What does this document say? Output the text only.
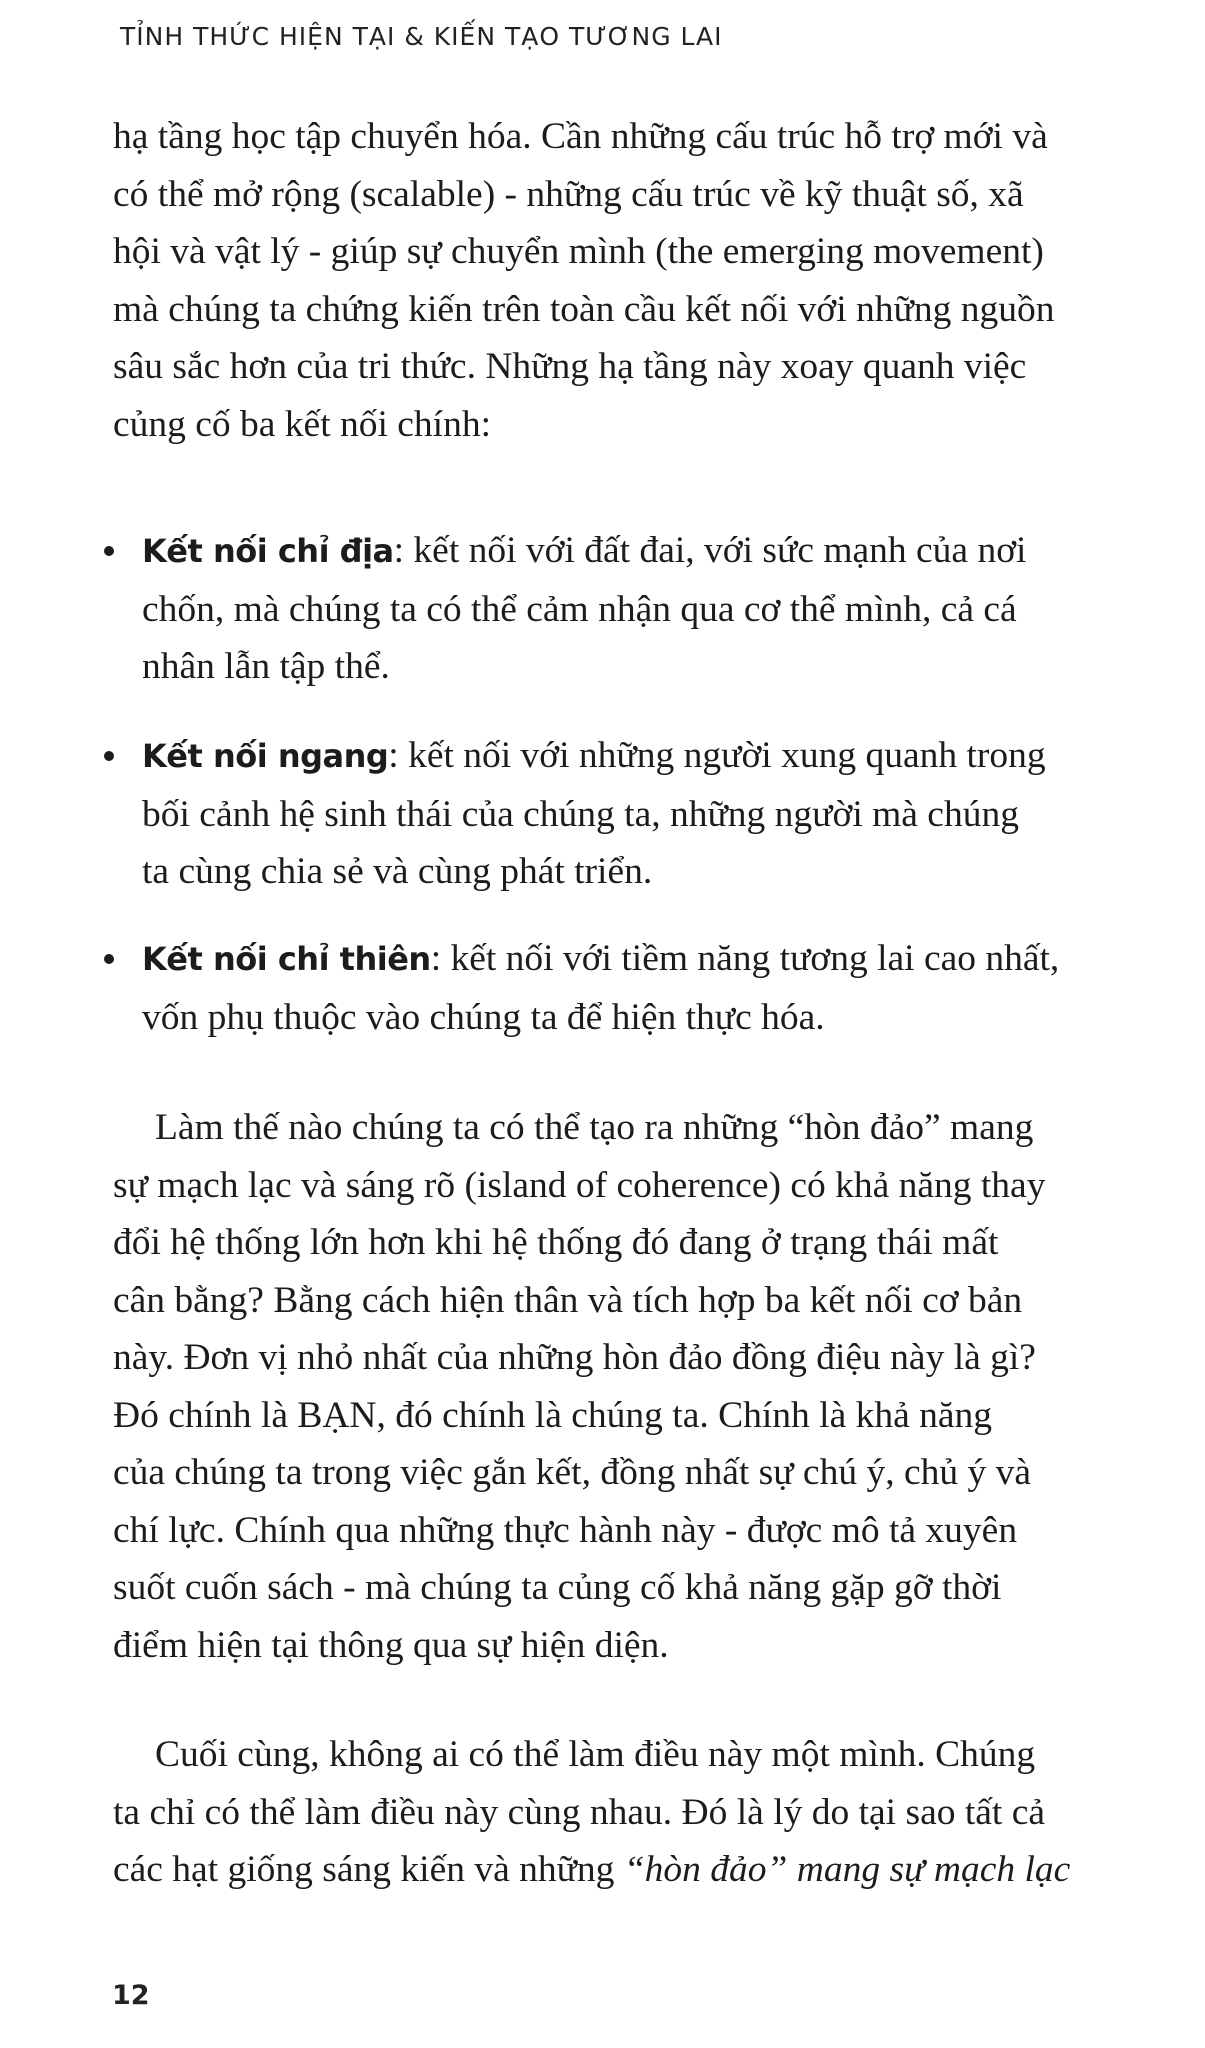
TỈNH THỨC HIỆN TẠI & KIẾN TẠO TƯƠNG LAI
hạ tầng học tập chuyển hóa. Cần những cấu trúc hỗ trợ mới và
có thể mở rộng (scalable) - những cấu trúc về kỹ thuật số, xã
hội và vật lý - giúp sự chuyển mình (the emerging movement)
mà chúng ta chứng kiến trên toàn cầu kết nối với những nguồn
sâu sắc hơn của tri thức. Những hạ tầng này xoay quanh việc
củng cố ba kết nối chính:
Kết nối chỉ địa: kết nối với đất đai, với sức mạnh của nơi
chốn, mà chúng ta có thể cảm nhận qua cơ thể mình, cả cá
nhân lẫn tập thể.
Kết nối ngang: kết nối với những người xung quanh trong
bối cảnh hệ sinh thái của chúng ta, những người mà chúng
ta cùng chia sẻ và cùng phát triển.
Kết nối chỉ thiên: kết nối với tiềm năng tương lai cao nhất,
vốn phụ thuộc vào chúng ta để hiện thực hóa.
Làm thế nào chúng ta có thể tạo ra những “hòn đảo” mang
sự mạch lạc và sáng rõ (island of coherence) có khả năng thay
đổi hệ thống lớn hơn khi hệ thống đó đang ở trạng thái mất
cân bằng? Bằng cách hiện thân và tích hợp ba kết nối cơ bản
này. Đơn vị nhỏ nhất của những hòn đảo đồng điệu này là gì?
Đó chính là BẠN, đó chính là chúng ta. Chính là khả năng
của chúng ta trong việc gắn kết, đồng nhất sự chú ý, chủ ý và
chí lực. Chính qua những thực hành này - được mô tả xuyên
suốt cuốn sách - mà chúng ta củng cố khả năng gặp gỡ thời
điểm hiện tại thông qua sự hiện diện.
Cuối cùng, không ai có thể làm điều này một mình. Chúng
ta chỉ có thể làm điều này cùng nhau. Đó là lý do tại sao tất cả
các hạt giống sáng kiến và những “hòn đảo” mang sự mạch lạc
12
